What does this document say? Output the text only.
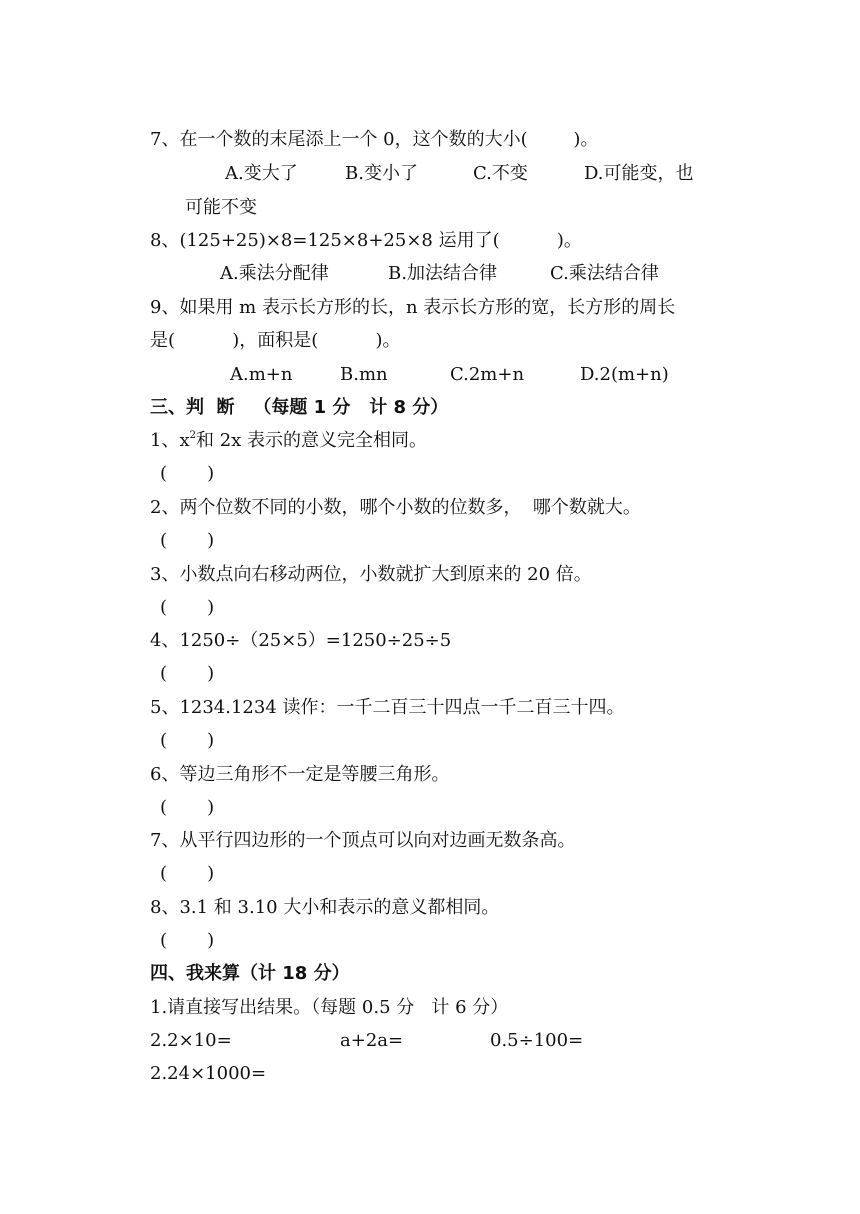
7、在一个数的末尾添上一个 0，这个数的大小(        )。
A.变大了	B.变小了	C.不变	D.可能变，也
可能不变
8、(125+25)×8=125×8+25×8 运用了(          )。
A.乘法分配律	B.加法结合律	C.乘法结合律
9、如果用 m 表示长方形的长，n 表示长方形的宽，长方形的周长
是(          )，面积是(          )。
A.m+n	B.mn	C.2m+n	D.2(m+n)
三、判  断   （每题 1 分   计 8 分）
1、$x^2$和 2x 表示的意义完全相同。
(       )
2、两个位数不同的小数，哪个小数的位数多，  哪个数就大。
(       )
3、小数点向右移动两位，小数就扩大到原来的 20 倍。
(       )
4、1250÷（25×5）=1250÷25÷5
(       )
5、1234.1234 读作：一千二百三十四点一千二百三十四。
(       )
6、等边三角形不一定是等腰三角形。
(       )
7、从平行四边形的一个顶点可以向对边画无数条高。
(       )
8、3.1 和 3.10 大小和表示的意义都相同。
(       )
四、我来算（计 18 分）
1.请直接写出结果。（每题 0.5 分   计 6 分）
2.2×10=	a+2a=	0.5÷100=
2.24×1000=
